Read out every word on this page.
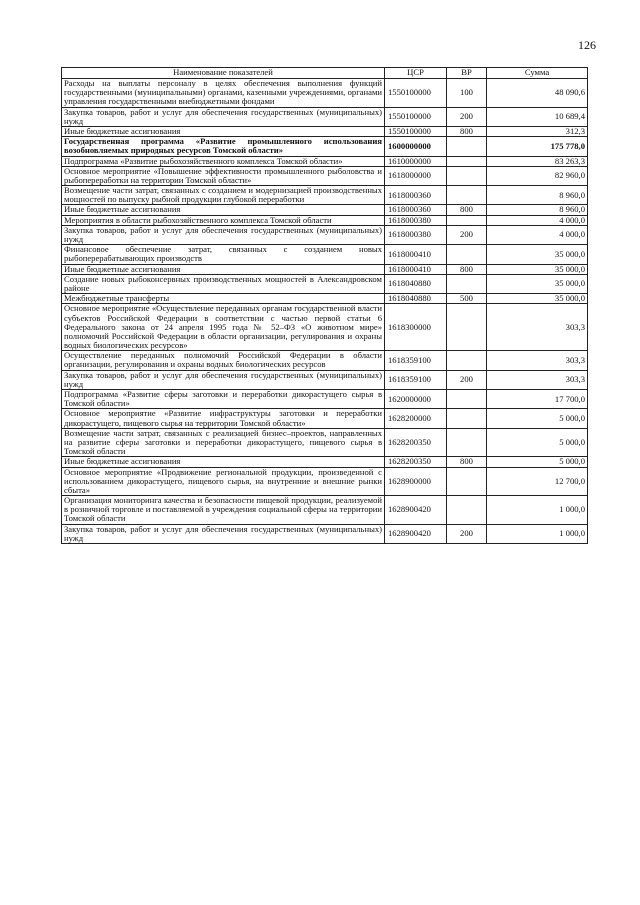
126
Наименование показателей	ЦСР	ВР	Сумма
Расходы на выплаты персоналу в целях обеспечения выполнения функций государственными (муниципальными) органами, казенными учреждениями, органами управления государственными внебюджетными фондами	1550100000	100	48 090,6
Закупка товаров, работ и услуг для обеспечения государственных (муниципальных) нужд	1550100000	200	10 689,4
Иные бюджетные ассигнования	1550100000	800	312,3
Государственная программа «Развитие промышленного использования возобновляемых природных ресурсов Томской области»	1600000000		175 778,0
Подпрограмма «Развитие рыбохозяйственного комплекса Томской области»	1610000000		83 263,3
Основное мероприятие «Повышение эффективности промышленного рыболовства и рыбопереработки на территории Томской области»	1618000000		82 960,0
Возмещение части затрат, связанных с созданием и модернизацией производственных мощностей по выпуску рыбной продукции глубокой переработки	1618000360		8 960,0
Иные бюджетные ассигнования	1618000360	800	8 960,0
Мероприятия в области рыбохозяйственного комплекса Томской области	1618000380		4 000,0
Закупка товаров, работ и услуг для обеспечения государственных (муниципальных) нужд	1618000380	200	4 000,0
Финансовое обеспечение затрат, связанных с созданием новых рыбоперерабатывающих производств	1618000410		35 000,0
Иные бюджетные ассигнования	1618000410	800	35 000,0
Создание новых рыбоконсервных производственных мощностей в Александровском районе	1618040880		35 000,0
Межбюджетные трансферты	1618040880	500	35 000,0
Основное мероприятие «Осуществление переданных органам государственной власти субъектов Российской Федерации в соответствии с частью первой статьи 6 Федерального закона от 24 апреля 1995 года № 52–ФЗ «О животном мире» полномочий Российской Федерации в области организации, регулирования и охраны водных биологических ресурсов»	1618300000		303,3
Осуществление переданных полномочий Российской Федерации в области организации, регулирования и охраны водных биологических ресурсов	1618359100		303,3
Закупка товаров, работ и услуг для обеспечения государственных (муниципальных) нужд	1618359100	200	303,3
Подпрограмма «Развитие сферы заготовки и переработки дикорастущего сырья в Томской области»	1620000000		17 700,0
Основное мероприятие «Развитие инфраструктуры заготовки и переработки дикорастущего, пищевого сырья на территории Томской области»	1628200000		5 000,0
Возмещение части затрат, связанных с реализацией бизнес–проектов, направленных на развитие сферы заготовки и переработки дикорастущего, пищевого сырья в Томской области	1628200350		5 000,0
Иные бюджетные ассигнования	1628200350	800	5 000,0
Основное мероприятие «Продвижение региональной продукции, произведенной с использованием дикорастущего, пищевого сырья, на внутренние и внешние рынки сбыта»	1628900000		12 700,0
Организация мониторинга качества и безопасности пищевой продукции, реализуемой в розничной торговле и поставляемой в учреждения социальной сферы на территории Томской области	1628900420		1 000,0
Закупка товаров, работ и услуг для обеспечения государственных (муниципальных) нужд	1628900420	200	1 000,0
